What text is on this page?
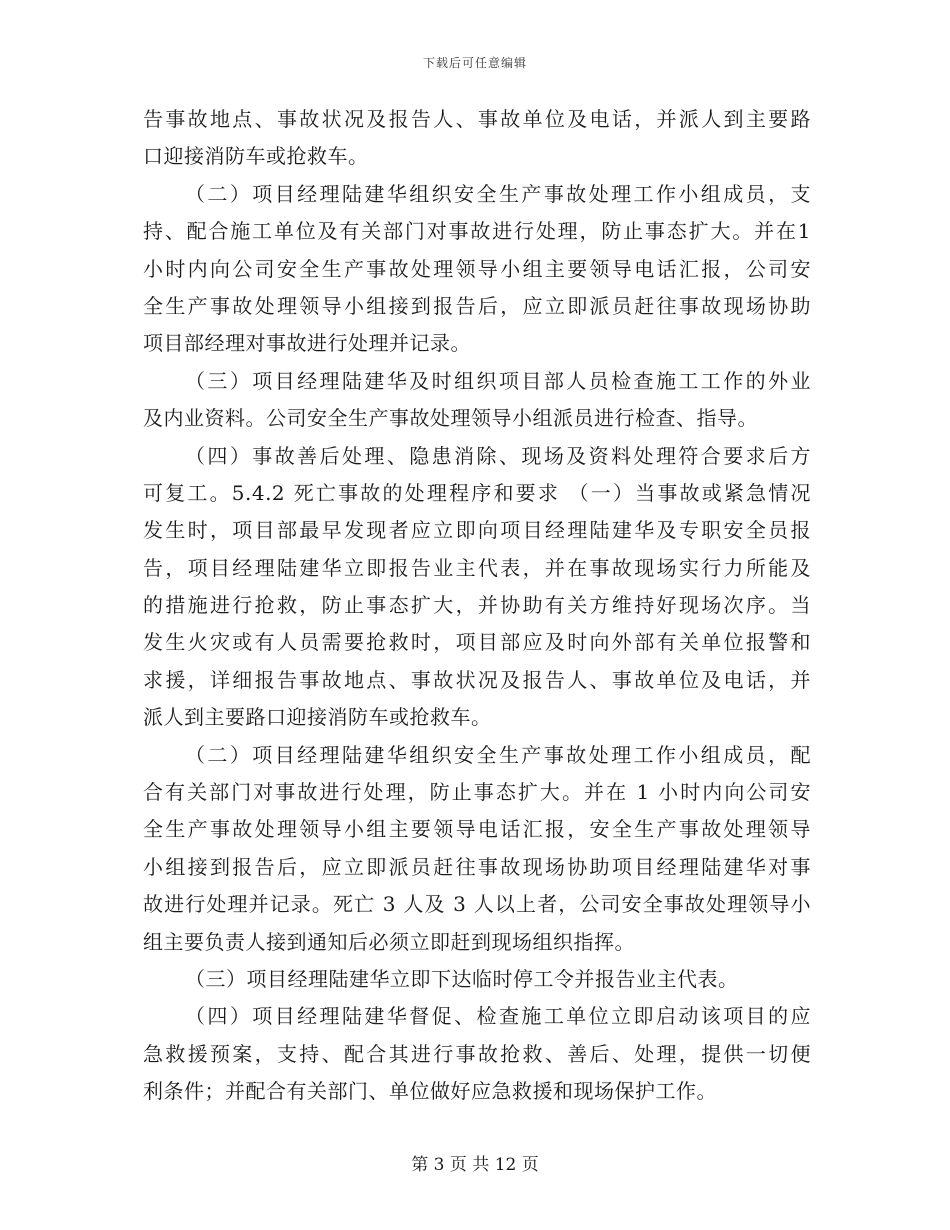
下载后可任意编辑
告事故地点、事故状况及报告人、事故单位及电话，并派人到主要路
口迎接消防车或抢救车。
（二）项目经理陆建华组织安全生产事故处理工作小组成员，支
持、配合施工单位及有关部门对事故进行处理，防止事态扩大。并在1
小时内向公司安全生产事故处理领导小组主要领导电话汇报，公司安
全生产事故处理领导小组接到报告后，应立即派员赶往事故现场协助
项目部经理对事故进行处理并记录。
（三）项目经理陆建华及时组织项目部人员检查施工工作的外业
及内业资料。公司安全生产事故处理领导小组派员进行检查、指导。
（四）事故善后处理、隐患消除、现场及资料处理符合要求后方
可复工。5.4.2 死亡事故的处理程序和要求 （一）当事故或紧急情况
发生时，项目部最早发现者应立即向项目经理陆建华及专职安全员报
告，项目经理陆建华立即报告业主代表，并在事故现场实行力所能及
的措施进行抢救，防止事态扩大，并协助有关方维持好现场次序。当
发生火灾或有人员需要抢救时，项目部应及时向外部有关单位报警和
求援，详细报告事故地点、事故状况及报告人、事故单位及电话，并
派人到主要路口迎接消防车或抢救车。
（二）项目经理陆建华组织安全生产事故处理工作小组成员，配
合有关部门对事故进行处理，防止事态扩大。并在 1 小时内向公司安
全生产事故处理领导小组主要领导电话汇报，安全生产事故处理领导
小组接到报告后，应立即派员赶往事故现场协助项目经理陆建华对事
故进行处理并记录。死亡 3 人及 3 人以上者，公司安全事故处理领导小
组主要负责人接到通知后必须立即赶到现场组织指挥。
（三）项目经理陆建华立即下达临时停工令并报告业主代表。
（四）项目经理陆建华督促、检查施工单位立即启动该项目的应
急救援预案，支持、配合其进行事故抢救、善后、处理，提供一切便
利条件；并配合有关部门、单位做好应急救援和现场保护工作。
第 3 页 共 12 页
